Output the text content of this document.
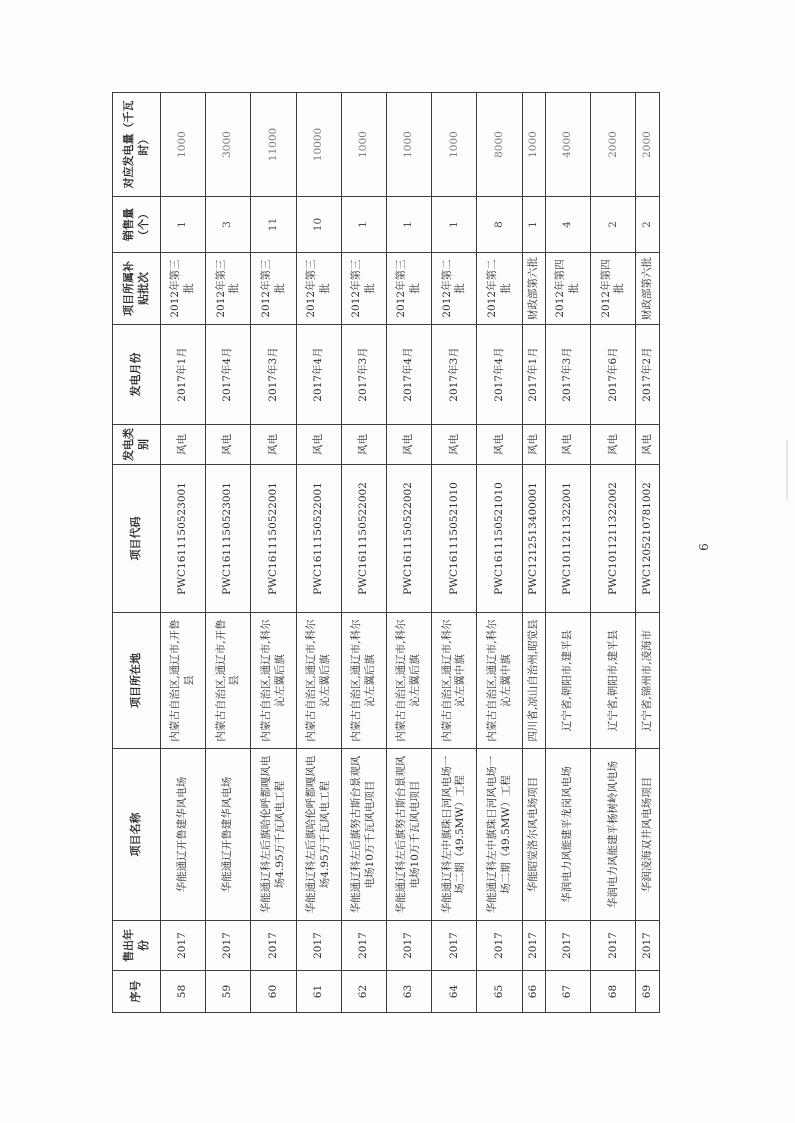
序号	售出年份	项目名称	项目所在地	项目代码	发电类别	发电月份	项目所属补贴批次	销售量（个）	对应发电量（千瓦时）
58	2017	华能通辽开鲁建华风电场	内蒙古自治区,通辽市,开鲁县	PWC1611150523001	风电	2017年1月	2012年第三批	1	1000
59	2017	华能通辽开鲁建华风电场	内蒙古自治区,通辽市,开鲁县	PWC1611150523001	风电	2017年4月	2012年第三批	3	3000
60	2017	华能通辽科左后旗哈伦呼都嘎风电场4.95万千瓦风电工程	内蒙古自治区,通辽市,科尔沁左翼后旗	PWC1611150522001	风电	2017年3月	2012年第三批	11	11000
61	2017	华能通辽科左后旗哈伦呼都嘎风电场4.95万千瓦风电工程	内蒙古自治区,通辽市,科尔沁左翼后旗	PWC1611150522001	风电	2017年4月	2012年第三批	10	10000
62	2017	华能通辽科左后旗努古斯台景观风电场10万千瓦风电项目	内蒙古自治区,通辽市,科尔沁左翼后旗	PWC1611150522002	风电	2017年3月	2012年第三批	1	1000
63	2017	华能通辽科左后旗努古斯台景观风电场10万千瓦风电项目	内蒙古自治区,通辽市,科尔沁左翼后旗	PWC1611150522002	风电	2017年4月	2012年第三批	1	1000
64	2017	华能通辽科左中旗珠日河风电场一场二期（49.5MW）工程	内蒙古自治区,通辽市,科尔沁左翼中旗	PWC1611150521010	风电	2017年3月	2012年第二批	1	1000
65	2017	华能通辽科左中旗珠日河风电场一场二期（49.5MW）工程	内蒙古自治区,通辽市,科尔沁左翼中旗	PWC1611150521010	风电	2017年4月	2012年第二批	8	8000
66	2017	华能昭觉洛尔风电场项目	四川省,凉山自治州,昭觉县	PWC1212513400001	风电	2017年1月	财政部第六批	1	1000
67	2017	华润电力风能建平龙岗风电场	辽宁省,朝阳市,建平县	PWC1011211322001	风电	2017年3月	2012年第四批	4	4000
68	2017	华润电力风能建平杨树岭风电场	辽宁省,朝阳市,建平县	PWC1011211322002	风电	2017年6月	2012年第四批	2	2000
69	2017	华润凌海双井风电场项目	辽宁省,锦州市,凌海市	PWC1205210781002	风电	2017年2月	财政部第六批	2	2000
6
